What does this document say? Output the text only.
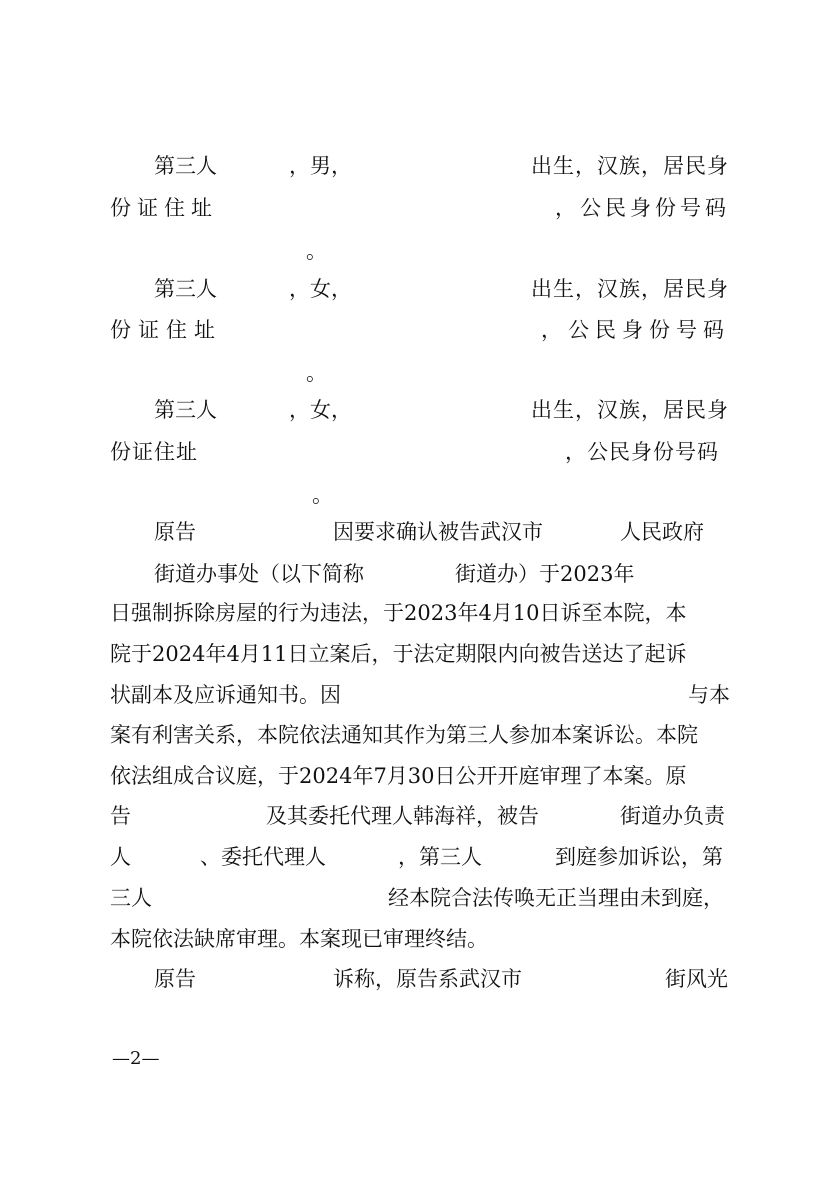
第三人	，男，	出生，汉族，居民身
份证住址	，公民身份号码
。
第三人	，女，	出生，汉族，居民身
份证住址	，公民身份号码
。
第三人	，女，	出生，汉族，居民身
份证住址	，公民身份号码
。
原告	因要求确认被告武汉市	人民政府
街道办事处（以下简称	街道办）于2023年
日强制拆除房屋的行为违法，于2023年4月10日诉至本院，本
院于2024年4月11日立案后，于法定期限内向被告送达了起诉
状副本及应诉通知书。因	与本
案有利害关系，本院依法通知其作为第三人参加本案诉讼。本院
依法组成合议庭，于2024年7月30日公开开庭审理了本案。原
告	及其委托代理人韩海祥，被告	街道办负责
人	、委托代理人	，第三人	到庭参加诉讼，第
三人	经本院合法传唤无正当理由未到庭，
本院依法缺席审理。本案现已审理终结。
原告	诉称，原告系武汉市	街风光
—2—
